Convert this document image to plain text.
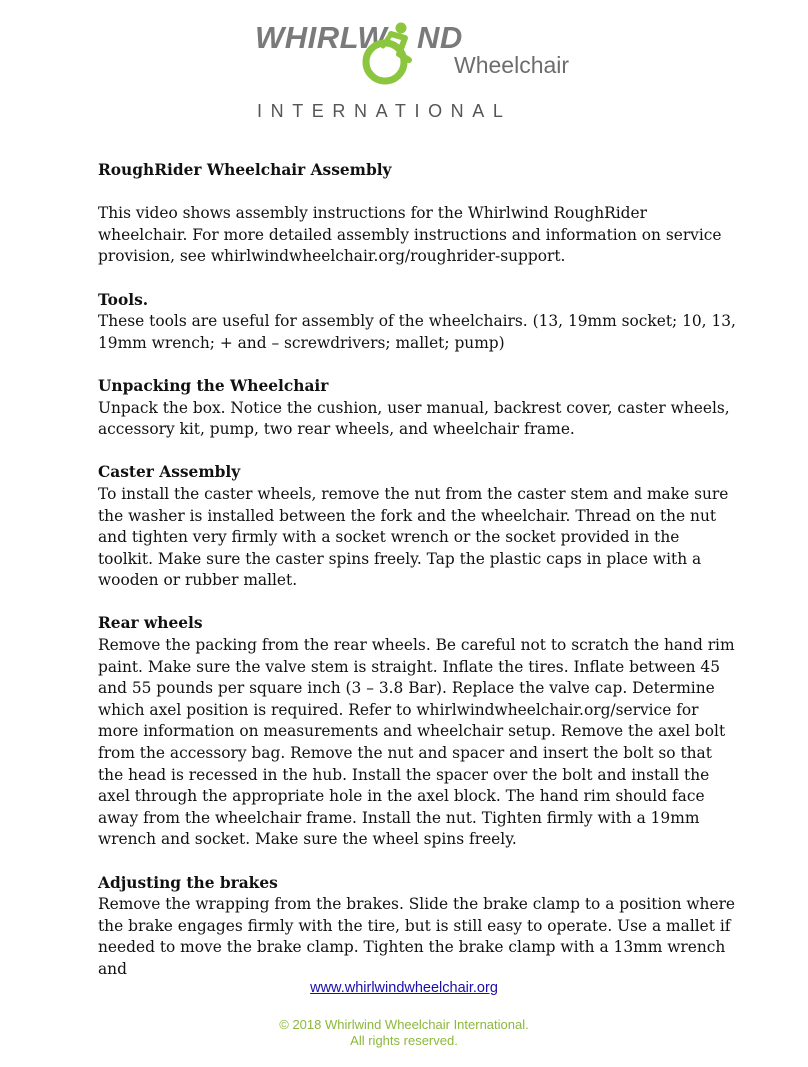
WHIRLW ND
Wheelchair
INTERNATIONAL

RoughRider Wheelchair Assembly

This video shows assembly instructions for the Whirlwind RoughRider wheelchair. For more detailed assembly instructions and information on service provision, see whirlwindwheelchair.org/roughrider-support.

Tools.

These tools are useful for assembly of the wheelchairs. (13, 19mm socket; 10, 13, 19mm wrench; + and – screwdrivers; mallet; pump)

Unpacking the Wheelchair

Unpack the box. Notice the cushion, user manual, backrest cover, caster wheels, accessory kit, pump, two rear wheels, and wheelchair frame.

Caster Assembly

To install the caster wheels, remove the nut from the caster stem and make sure the washer is installed between the fork and the wheelchair. Thread on the nut and tighten very firmly with a socket wrench or the socket provided in the toolkit. Make sure the caster spins freely. Tap the plastic caps in place with a wooden or rubber mallet.

Rear wheels

Remove the packing from the rear wheels. Be careful not to scratch the hand rim paint. Make sure the valve stem is straight. Inflate the tires. Inflate between 45 and 55 pounds per square inch (3 – 3.8 Bar). Replace the valve cap. Determine which axel position is required. Refer to whirlwindwheelchair.org/service for more information on measurements and wheelchair setup. Remove the axel bolt from the accessory bag. Remove the nut and spacer and insert the bolt so that the head is recessed in the hub. Install the spacer over the bolt and install the axel through the appropriate hole in the axel block. The hand rim should face away from the wheelchair frame. Install the nut. Tighten firmly with a 19mm wrench and socket. Make sure the wheel spins freely.

Adjusting the brakes

Remove the wrapping from the brakes. Slide the brake clamp to a position where the brake engages firmly with the tire, but is still easy to operate. Use a mallet if needed to move the brake clamp. Tighten the brake clamp with a 13mm wrench and

www.whirlwindwheelchair.org
© 2018 Whirlwind Wheelchair International.
All rights reserved.
